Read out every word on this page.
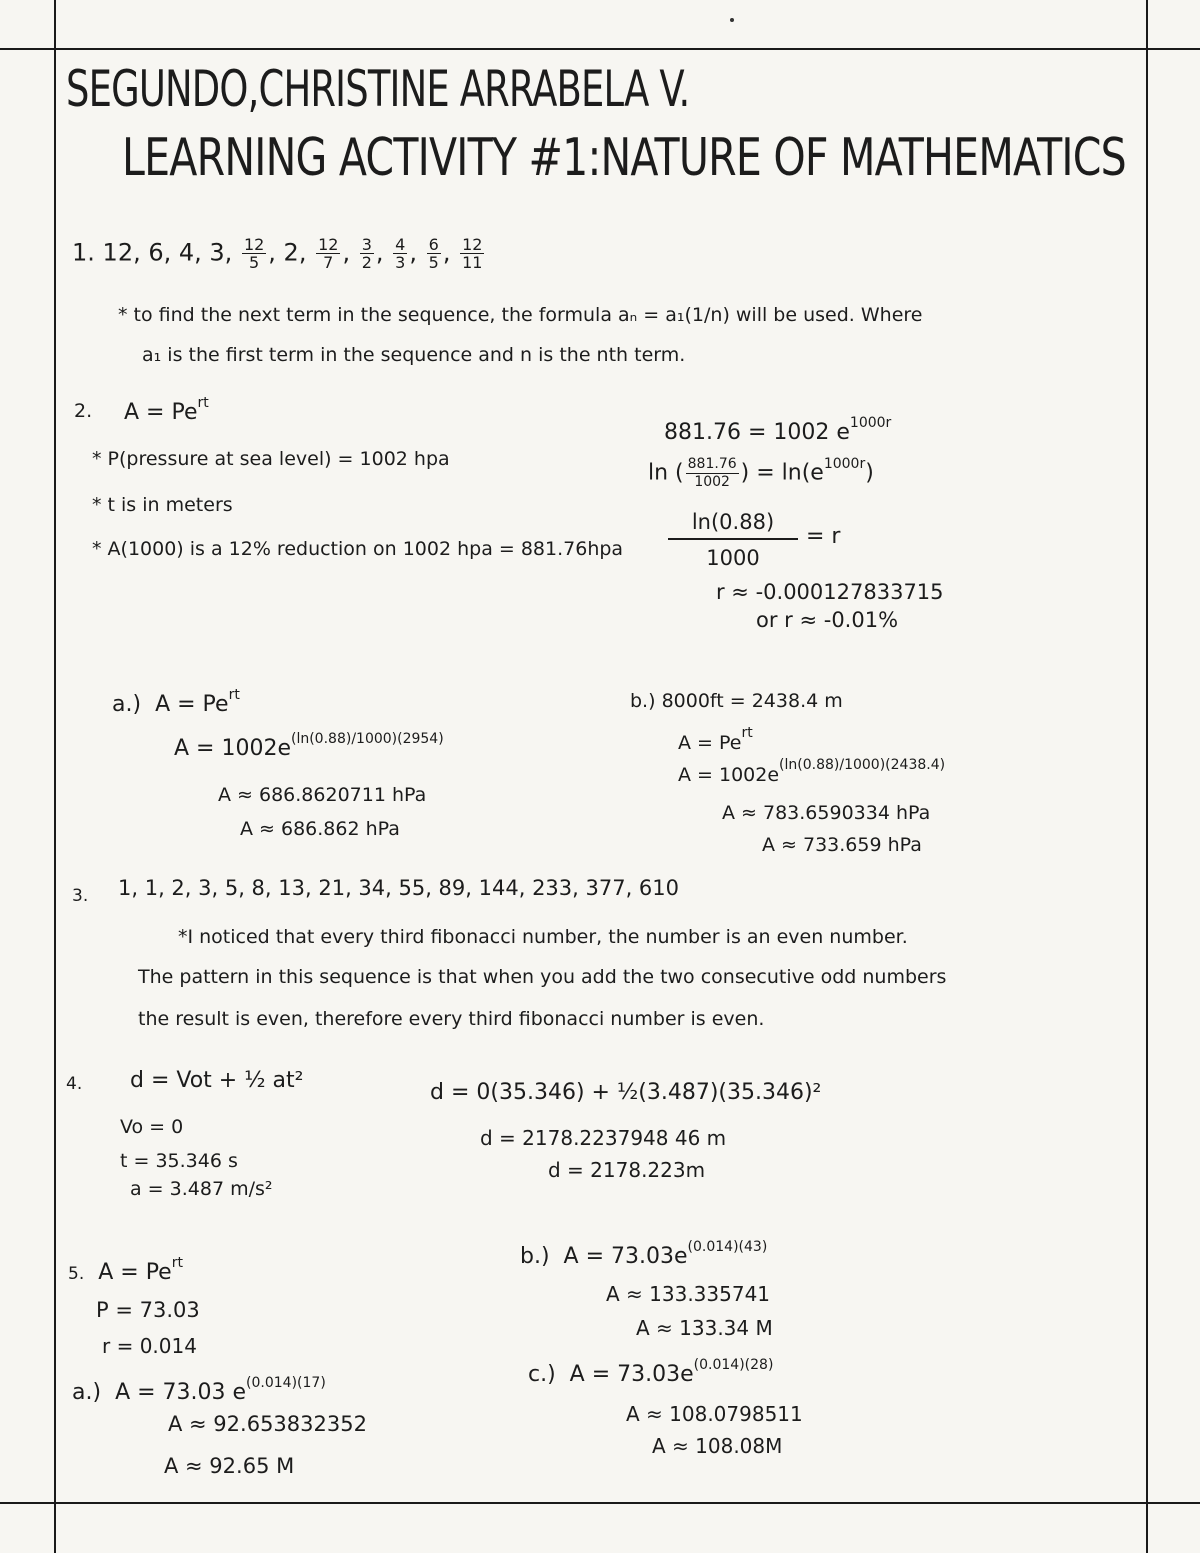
SEGUNDO,CHRISTINE ARRABELA V.
LEARNING ACTIVITY #1:NATURE OF MATHEMATICS
1. 12, 6, 4, 3, $\frac{12}{5}$ , 2, $\frac{12}{7}$ , $\frac{3}{2}$ , $\frac{4}{3}$ , $\frac{6}{5}$ , $\frac{12}{11}$
* to find the next term in the sequence, the formula aₙ = a₁(1/n) will be used. Where
a₁ is the first term in the sequence and n is the nth term.
2. $A = Pe^{rt}$
* P(pressure at sea level) = 1002 hpa
* t is in meters
* A(1000) is a 12% reduction on 1002 hpa = 881.76hpa
881.76 = 1002 $e^{1000r}$
ln ( $\frac{881.76}{1002}$ ) = $\ln(e^{1000r})$
$\frac{\ln(0.88)}{1000} = r$
r ≈ -0.000127833715
or r ≈ -0.01%
a.) $A = Pe^{rt}$
$A = 1002e^{(ln(0.88)/1000)(2954)}$
A ≈ 686.8620711 hPa
A ≈ 686.862 hPa
b.) 8000ft = 2438.4 m
$A = Pe^{rt}$
$A = 1002e^{(ln(0.88)/1000)(2438.4)}$
A ≈ 783.6590334 hPa
A ≈ 733.659 hPa
3. 1, 1, 2, 3, 5, 8, 13, 21, 34, 55, 89, 144, 233, 377, 610
*I noticed that every third fibonacci number, the number is an even number.
The pattern in this sequence is that when you add the two consecutive odd numbers
the result is even, therefore every third fibonacci number is even.
4. d = Vot + ½ at²
Vo = 0
t = 35.346 s
a = 3.487 m/s²
d = 0(35.346) + ½(3.487)(35.346)²
d = 2178.2237948 46 m
d = 2178.223m
5. $A = Pe^{rt}$
P = 73.03
r = 0.014
a.) A = 73.03 $e^{(0.014)(17)}$
A ≈ 92.653832352
A ≈ 92.65 M
b.) $A = 73.03e^{(0.014)(43)}$
A ≈ 133.335741
A ≈ 133.34 M
c.) $A = 73.03e^{(0.014)(28)}$
A ≈ 108.0798511
A ≈ 108.08M
